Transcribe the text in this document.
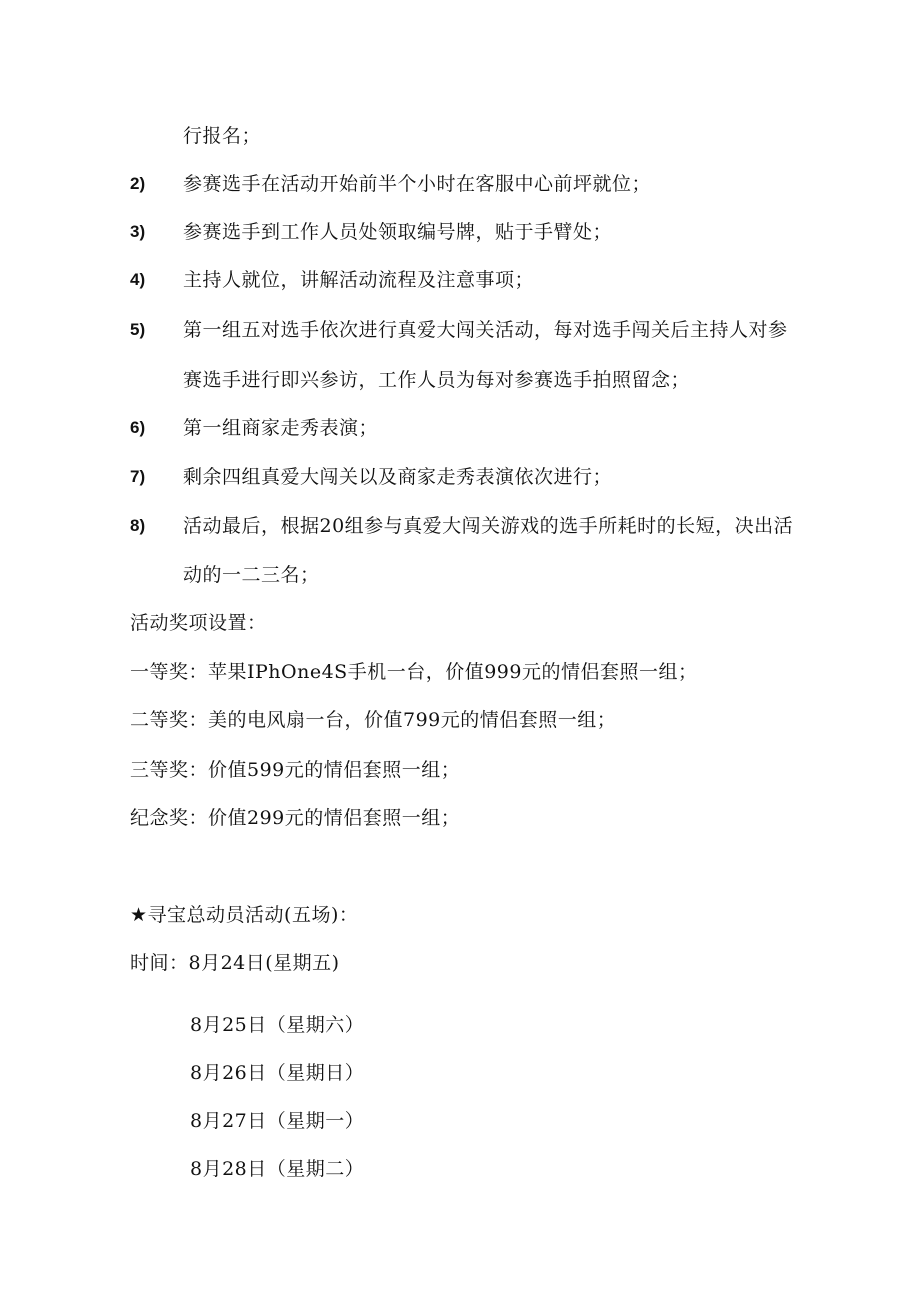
行报名；
2) 参赛选手在活动开始前半个小时在客服中心前坪就位；
3) 参赛选手到工作人员处领取编号牌，贴于手臂处；
4) 主持人就位，讲解活动流程及注意事项；
5) 第一组五对选手依次进行真爱大闯关活动，每对选手闯关后主持人对参
赛选手进行即兴参访，工作人员为每对参赛选手拍照留念；
6) 第一组商家走秀表演；
7) 剩余四组真爱大闯关以及商家走秀表演依次进行；
8) 活动最后，根据20组参与真爱大闯关游戏的选手所耗时的长短，决出活
动的一二三名；
活动奖项设置：
一等奖：苹果IPhOne4S手机一台，价值999元的情侣套照一组；
二等奖：美的电风扇一台，价值799元的情侣套照一组；
三等奖：价值599元的情侣套照一组；
纪念奖：价值299元的情侣套照一组；
★寻宝总动员活动(五场)：
时间：8月24日(星期五)
8月25日（星期六）
8月26日（星期日）
8月27日（星期一）
8月28日（星期二）
